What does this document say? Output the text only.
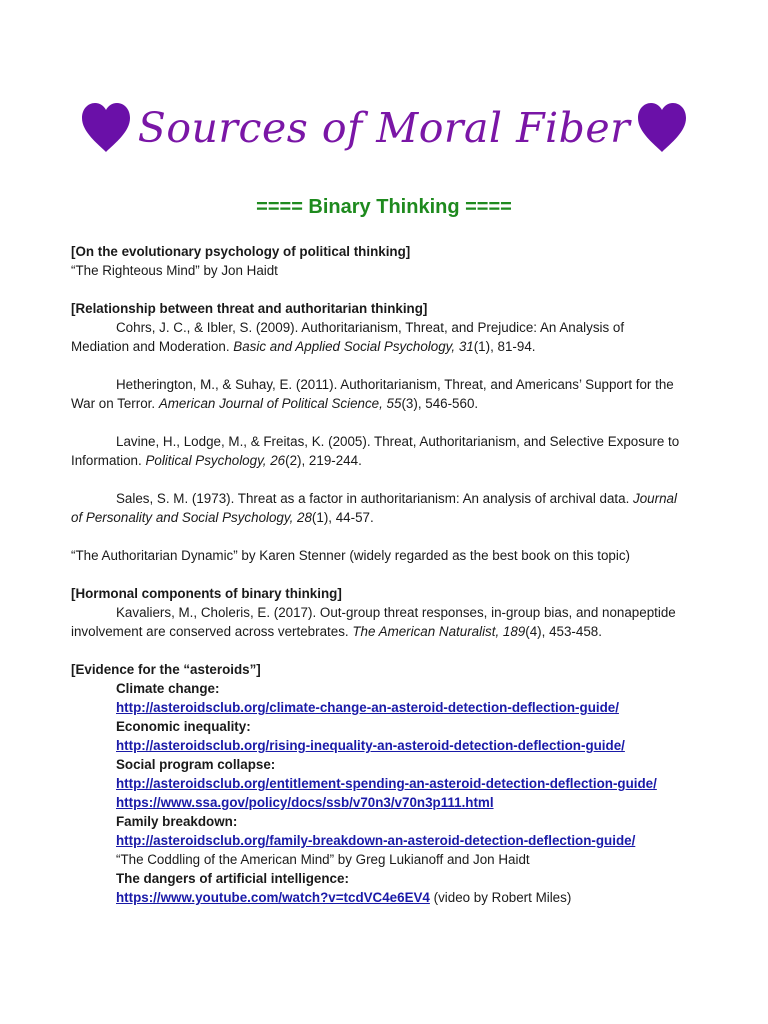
Sources of Moral Fiber
==== Binary Thinking ====
[On the evolutionary psychology of political thinking]
“The Righteous Mind” by Jon Haidt
[Relationship between threat and authoritarian thinking]
Cohrs, J. C., & Ibler, S. (2009). Authoritarianism, Threat, and Prejudice: An Analysis of
Mediation and Moderation. Basic and Applied Social Psychology, 31(1), 81-94.
Hetherington, M., & Suhay, E. (2011). Authoritarianism, Threat, and Americans’ Support for the
War on Terror. American Journal of Political Science, 55(3), 546-560.
Lavine, H., Lodge, M., & Freitas, K. (2005). Threat, Authoritarianism, and Selective Exposure to
Information. Political Psychology, 26(2), 219-244.
Sales, S. M. (1973). Threat as a factor in authoritarianism: An analysis of archival data. Journal
of Personality and Social Psychology, 28(1), 44-57.
“The Authoritarian Dynamic” by Karen Stenner (widely regarded as the best book on this topic)
[Hormonal components of binary thinking]
Kavaliers, M., Choleris, E. (2017). Out-group threat responses, in-group bias, and nonapeptide
involvement are conserved across vertebrates. The American Naturalist, 189(4), 453-458.
[Evidence for the “asteroids”]
Climate change:
http://asteroidsclub.org/climate-change-an-asteroid-detection-deflection-guide/
Economic inequality:
http://asteroidsclub.org/rising-inequality-an-asteroid-detection-deflection-guide/
Social program collapse:
http://asteroidsclub.org/entitlement-spending-an-asteroid-detection-deflection-guide/
https://www.ssa.gov/policy/docs/ssb/v70n3/v70n3p111.html
Family breakdown:
http://asteroidsclub.org/family-breakdown-an-asteroid-detection-deflection-guide/
“The Coddling of the American Mind” by Greg Lukianoff and Jon Haidt
The dangers of artificial intelligence:
https://www.youtube.com/watch?v=tcdVC4e6EV4 (video by Robert Miles)
